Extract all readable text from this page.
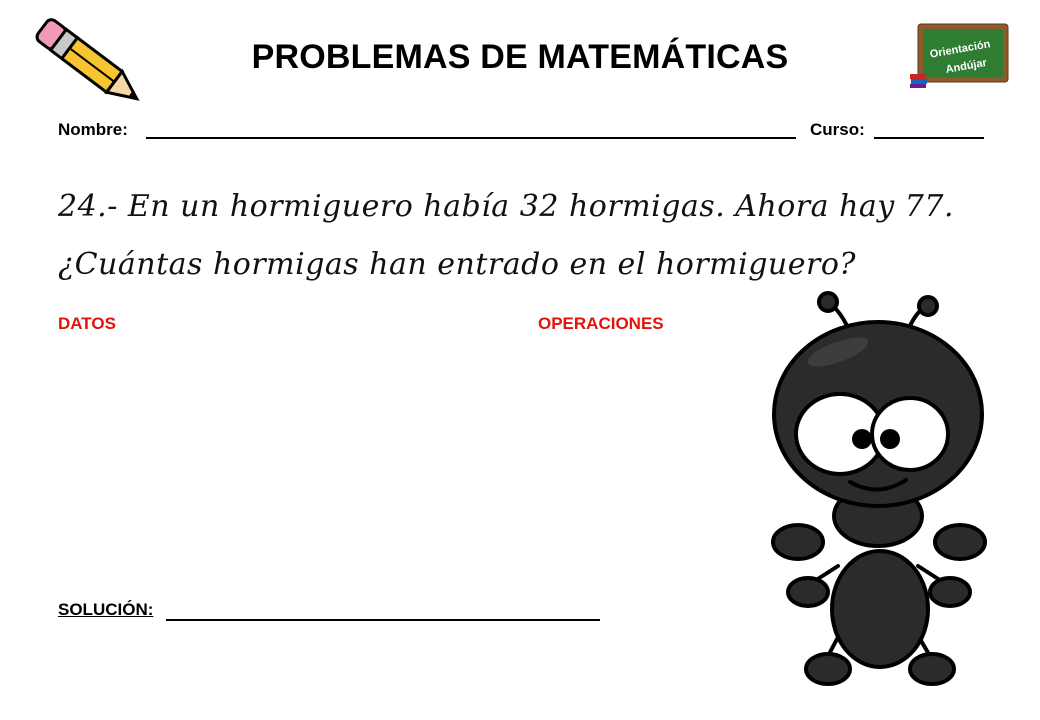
PROBLEMAS DE MATEMÁTICAS	Orientación
Andújar
Nombre:	Curso:
24.- En un hormiguero había 32 hormigas. Ahora hay 77.
¿Cuántas hormigas han entrado en el hormiguero?
DATOS	OPERACIONES
SOLUCIÓN:
